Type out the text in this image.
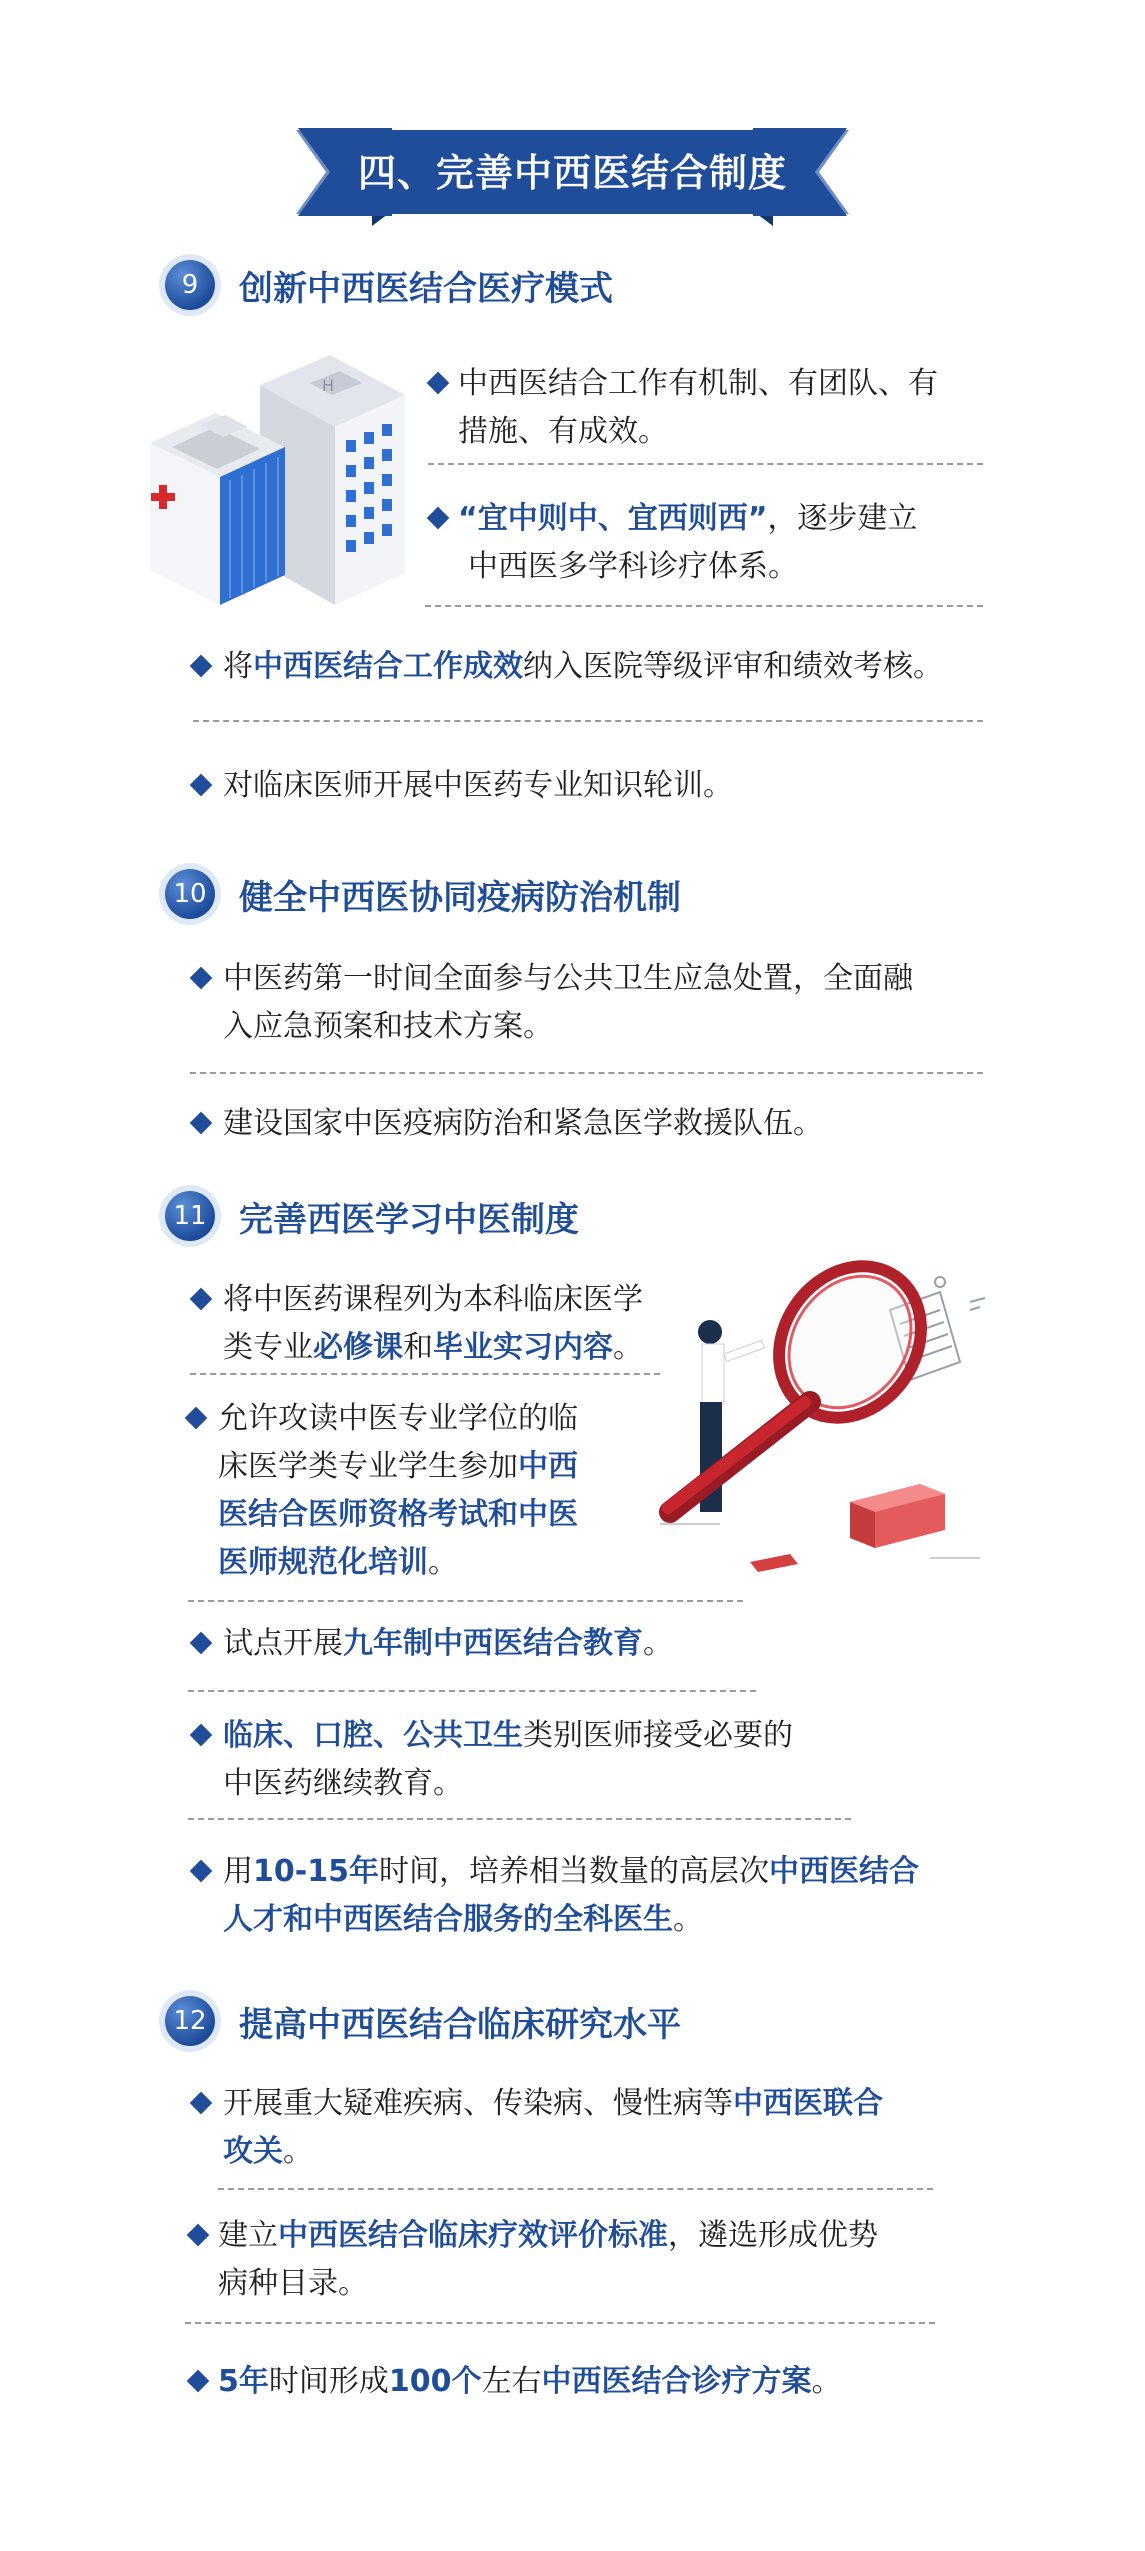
四、完善中西医结合制度
9	创新中西医结合医疗模式
H	中西医结合工作有机制、有团队、有
措施、有成效。
“宜中则中、宜西则西”，逐步建立
中西医多学科诊疗体系。
将中西医结合工作成效纳入医院等级评审和绩效考核。
对临床医师开展中医药专业知识轮训。
10 健全中西医协同疫病防治机制
中医药第一时间全面参与公共卫生应急处置，全面融
入应急预案和技术方案。
建设国家中医疫病防治和紧急医学救援队伍。
11 完善西医学习中医制度
将中医药课程列为本科临床医学
类专业必修课和毕业实习内容。
允许攻读中医专业学位的临
床医学类专业学生参加中西
医结合医师资格考试和中医
医师规范化培训。
试点开展九年制中西医结合教育。
临床、口腔、公共卫生类别医师接受必要的
中医药继续教育。
用10-15年时间，培养相当数量的高层次中西医结合
人才和中西医结合服务的全科医生。
12 提高中西医结合临床研究水平
开展重大疑难疾病、传染病、慢性病等中西医联合
攻关。
建立中西医结合临床疗效评价标准，遴选形成优势
病种目录。
5年时间形成100个左右中西医结合诊疗方案。
